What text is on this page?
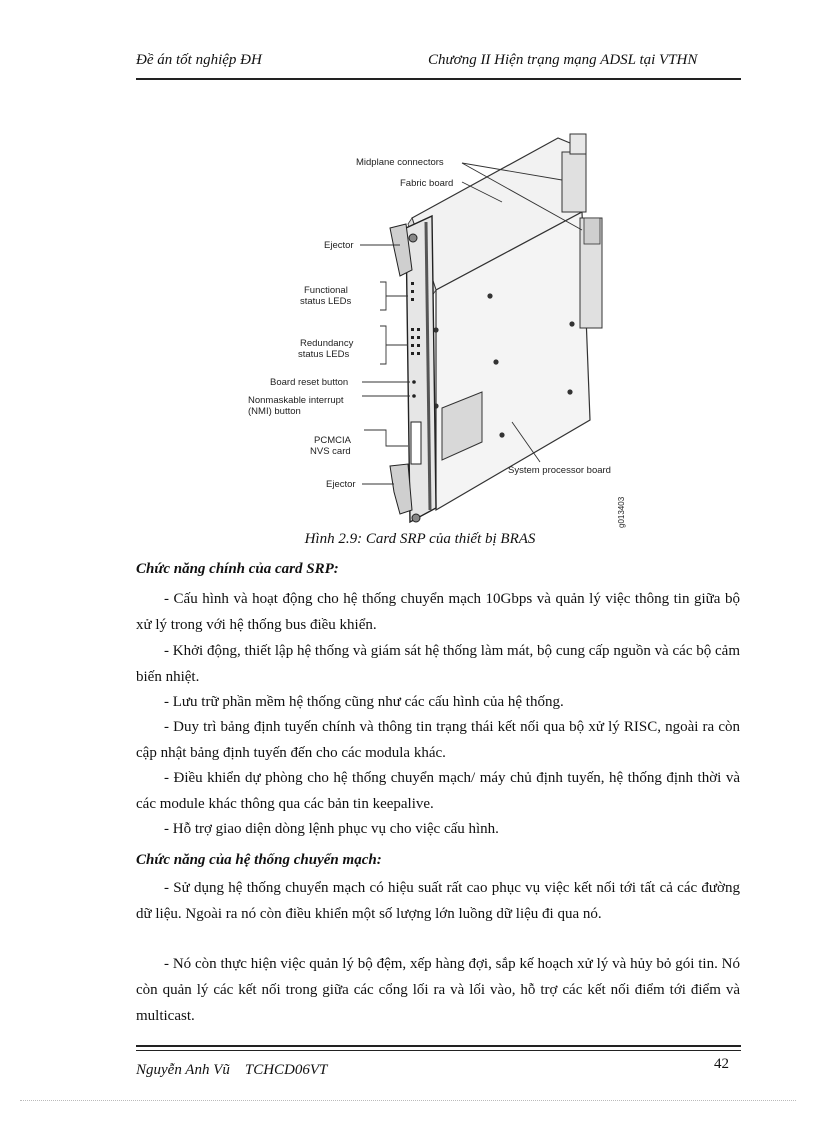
Đề án tốt nghiệp ĐH	Chương II Hiện trạng mạng ADSL tại VTHN
Midplane connectors
Fabric board
Ejector
Functional
status LEDs
Redundancy
status LEDs
Board reset button
Nonmaskable interrupt
(NMI) button
PCMCIA
NVS card
System processor board
Ejector
g013403
Hình 2.9: Card SRP của thiết bị BRAS
Chức năng chính của card SRP:

- Cấu hình và hoạt động cho hệ thống chuyển mạch 10Gbps và quản lý việc thông tin giữa bộ xử lý trong với hệ thống bus điều khiển.

- Khởi động, thiết lập hệ thống và giám sát hệ thống làm mát, bộ cung cấp nguồn và các bộ cảm biến nhiệt.

- Lưu trữ phần mềm hệ thống cũng như các cấu hình của hệ thống.

- Duy trì bảng định tuyến chính và thông tin trạng thái kết nối qua bộ xử lý RISC, ngoài ra còn cập nhật bảng định tuyến đến cho các modula khác.

- Điều khiển dự phòng cho hệ thống chuyển mạch/ máy chủ định tuyến, hệ thống định thời và các module khác thông qua các bản tin keepalive.

- Hỗ trợ giao diện dòng lệnh phục vụ cho việc cấu hình.

Chức năng của hệ thống chuyển mạch:

- Sử dụng hệ thống chuyển mạch có hiệu suất rất cao phục vụ việc kết nối tới tất cả các đường dữ liệu. Ngoài ra nó còn điều khiển một số lượng lớn luồng dữ liệu đi qua nó.

- Nó còn thực hiện việc quản lý bộ đệm, xếp hàng đợi, sắp kế hoạch xử lý và hủy bỏ gói tin. Nó còn quản lý các kết nối trong giữa các cổng lối ra và lối vào, hỗ trợ các kết nối điểm tới điểm và multicast.

Nguyễn Anh Vũ    TCHCD06VT	42
